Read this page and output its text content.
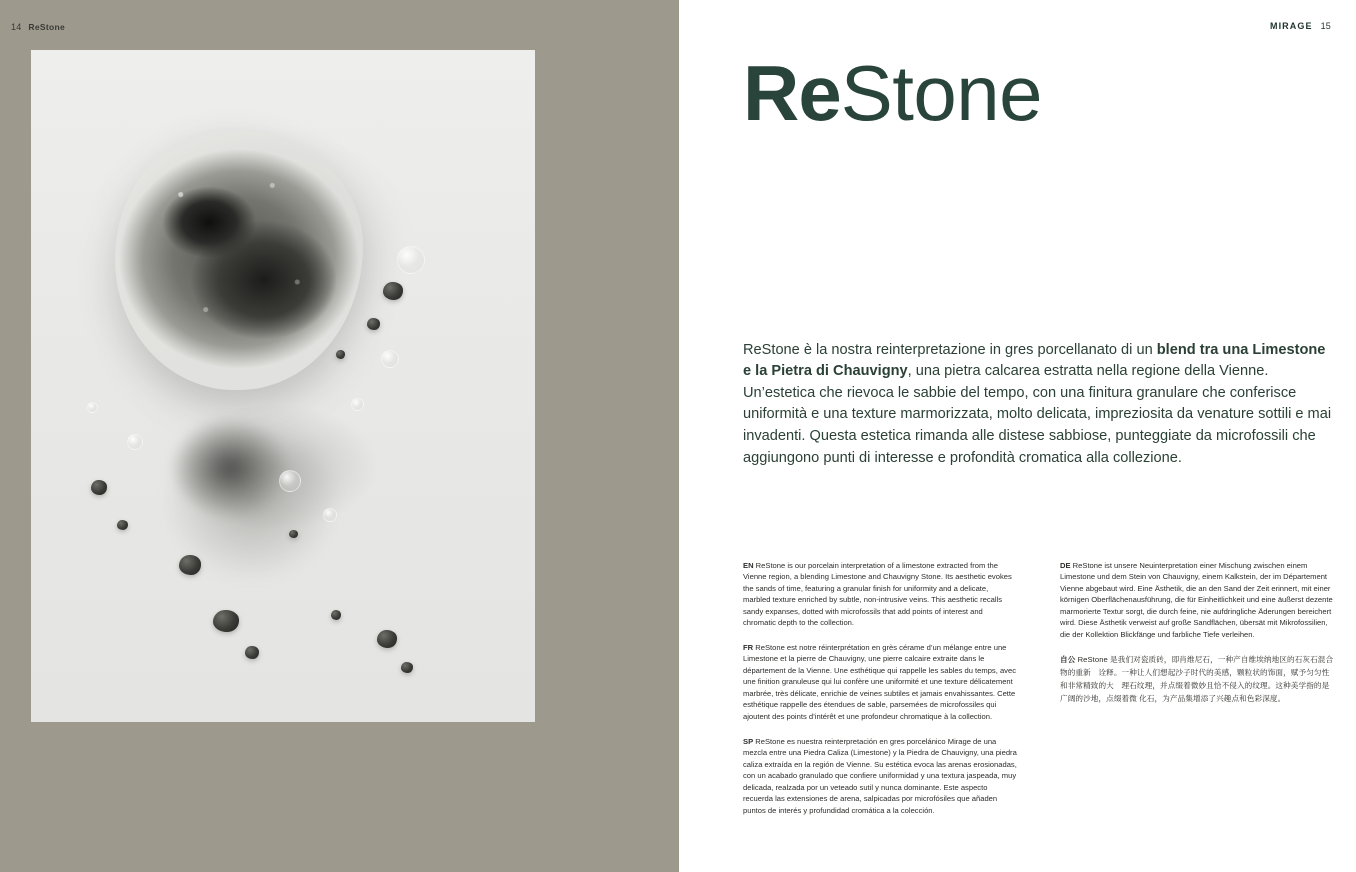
14 ReStone	MIRAGE 15
ReStone

ReStone è la nostra reinterpretazione in gres porcellanato di un blend tra una Limestone e la Pietra di Chauvigny, una pietra calcarea estratta nella regione della Vienne. Un’estetica che rievoca le sabbie del tempo, con una finitura granulare che conferisce uniformità e una texture marmorizzata, molto delicata, impreziosita da venature sottili e mai invadenti. Questa estetica rimanda alle distese sabbiose, punteggiate da microfossili che aggiungono punti di interesse e profondità cromatica alla collezione.

EN ReStone is our porcelain interpretation of a limestone extracted from the Vienne region, a blending Limestone and Chauvigny Stone. Its aesthetic evokes the sands of time, featuring a granular finish for uniformity and a delicate, marbled texture enriched by subtle, non-intrusive veins. This aesthetic recalls sandy expanses, dotted with microfossils that add points of interest and chromatic depth to the collection.

FR ReStone est notre réinterprétation en grès cérame d’un mélange entre une Limestone et la pierre de Chauvigny, une pierre calcaire extraite dans le département de la Vienne. Une esthétique qui rappelle les sables du temps, avec une finition granuleuse qui lui confère une uniformité et une texture délicatement marbrée, très délicate, enrichie de veines subtiles et jamais envahissantes. Cette esthétique rappelle des étendues de sable, parsemées de microfossiles qui ajoutent des points d’intérêt et une profondeur chromatique à la collection.

SP ReStone es nuestra reinterpretación en gres porcelánico Mirage de una mezcla entre una Piedra Caliza (Limestone) y la Piedra de Chauvigny, una piedra caliza extraída en la región de Vienne. Su estética evoca las arenas erosionadas, con un acabado granulado que confiere uniformidad y una textura jaspeada, muy delicada, realzada por un veteado sutil y nunca dominante. Este aspecto recuerda las extensiones de arena, salpicadas por microfósiles que añaden puntos de interés y profundidad cromática a la colección.

DE ReStone ist unsere Neuinterpretation einer Mischung zwischen einem Limestone und dem Stein von Chauvigny, einem Kalkstein, der im Département Vienne abgebaut wird. Eine Ästhetik, die an den Sand der Zeit erinnert, mit einer körnigen Oberflächenausführung, die für Einheitlichkeit und eine äußerst dezente marmorierte Textur sorgt, die durch feine, nie aufdringliche Äderungen bereichert wird. Diese Ästhetik verweist auf große Sandflächen, übersät mit Mikrofossilien, die der Kollektion Blickfänge und farbliche Tiefe verleihen.

自公 ReStone 是我们对瓷质砖，即肖维尼石，一种产自维埃纳地区的石灰石混合物的重新　诠释。一种让人们想起沙子时代的美感，颗粒状的饰面，赋予匀匀性和非常精致的大　理石纹理，并点缀着微妙且恰不侵入的纹理。这种美学指的是广阔的沙地，点缀着微 化石，为产品集增添了兴趣点和色彩深度。
